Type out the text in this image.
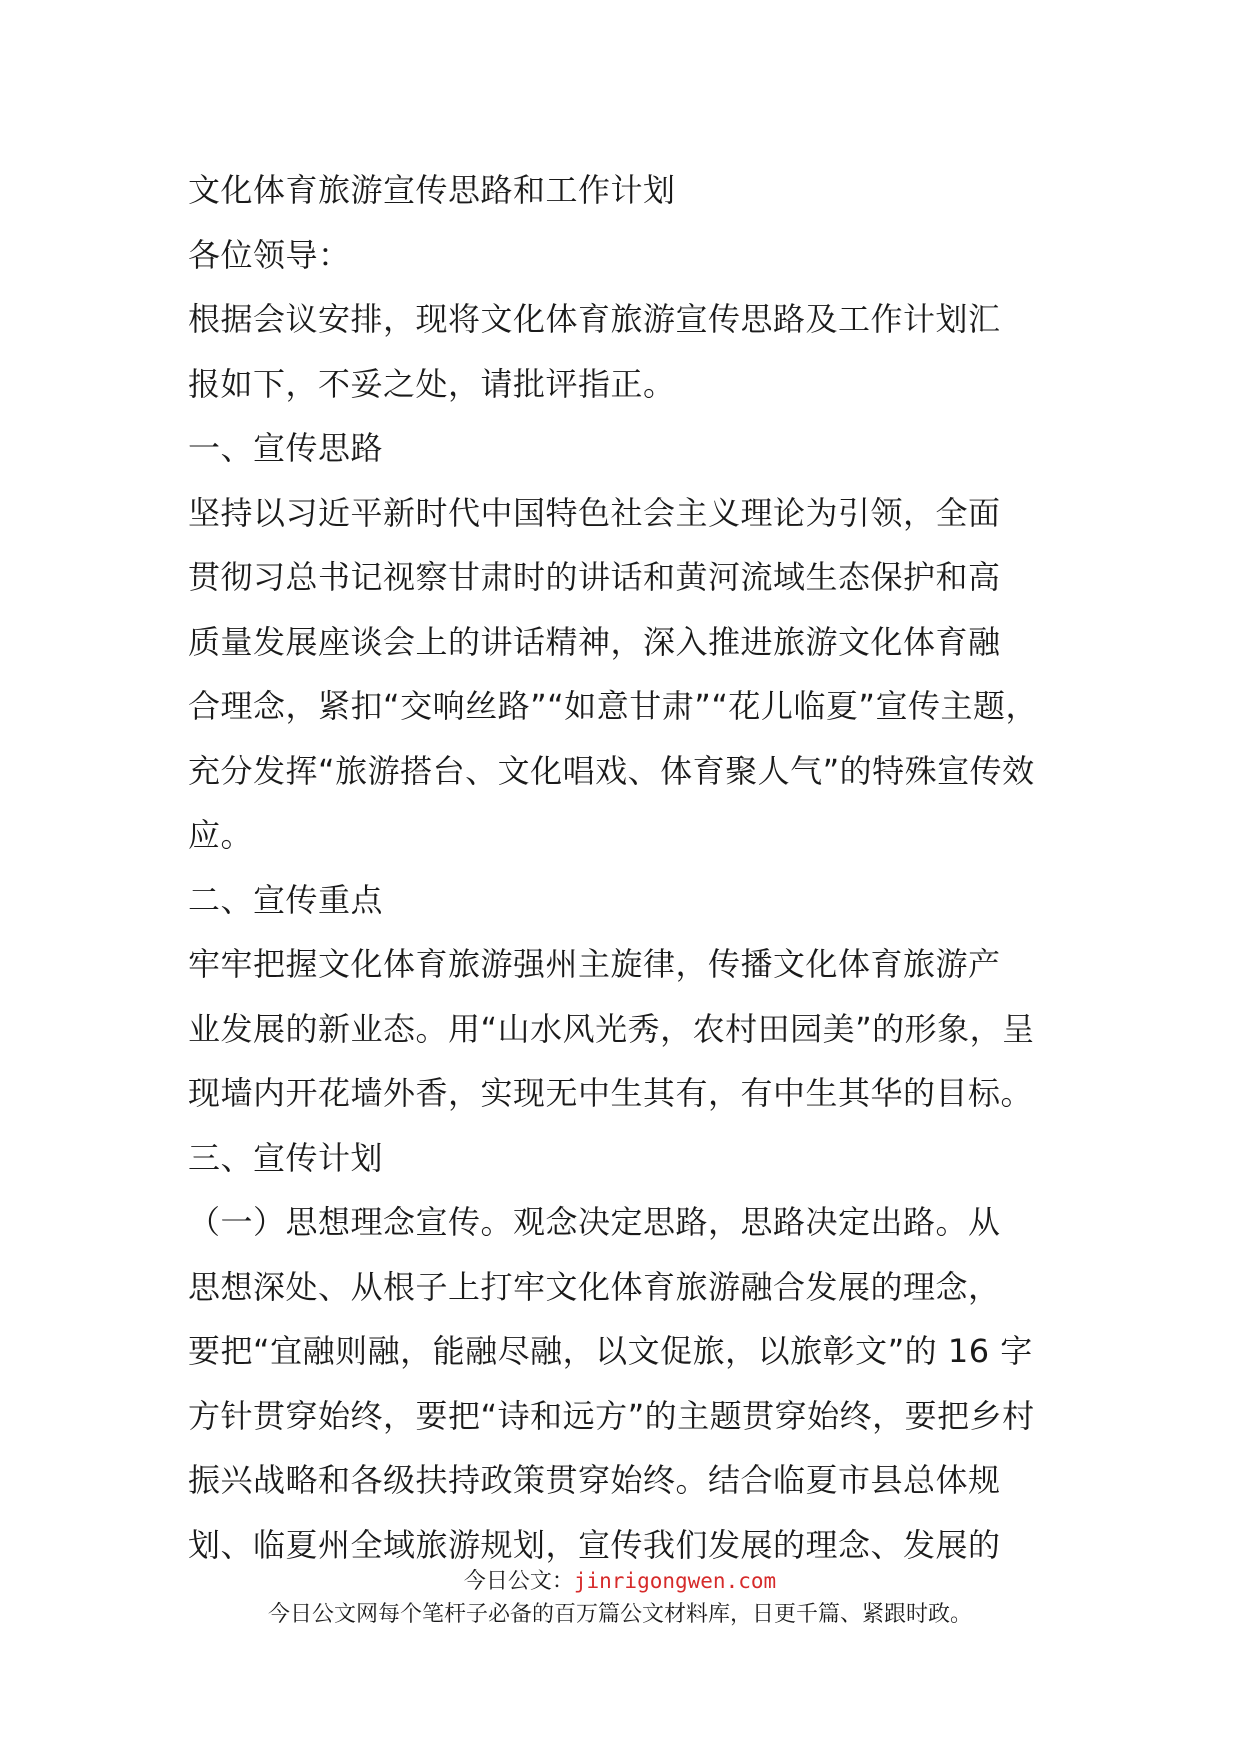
文化体育旅游宣传思路和工作计划
各位领导：
根据会议安排，现将文化体育旅游宣传思路及工作计划汇
报如下，不妥之处，请批评指正。
一、宣传思路
坚持以习近平新时代中国特色社会主义理论为引领，全面
贯彻习总书记视察甘肃时的讲话和黄河流域生态保护和高
质量发展座谈会上的讲话精神，深入推进旅游文化体育融
合理念，紧扣“交响丝路”“如意甘肃”“花儿临夏”宣传主题，
充分发挥“旅游搭台、文化唱戏、体育聚人气”的特殊宣传效
应。
二、宣传重点
牢牢把握文化体育旅游强州主旋律，传播文化体育旅游产
业发展的新业态。用“山水风光秀，农村田园美”的形象，呈
现墙内开花墙外香，实现无中生其有，有中生其华的目标。
三、宣传计划
（一）思想理念宣传。观念决定思路，思路决定出路。从
思想深处、从根子上打牢文化体育旅游融合发展的理念，
要把“宜融则融，能融尽融，以文促旅，以旅彰文”的 16 字
方针贯穿始终，要把“诗和远方”的主题贯穿始终，要把乡村
振兴战略和各级扶持政策贯穿始终。结合临夏市县总体规
划、临夏州全域旅游规划，宣传我们发展的理念、发展的
今日公文：jinrigongwen.com
今日公文网每个笔杆子必备的百万篇公文材料库，日更千篇、紧跟时政。
